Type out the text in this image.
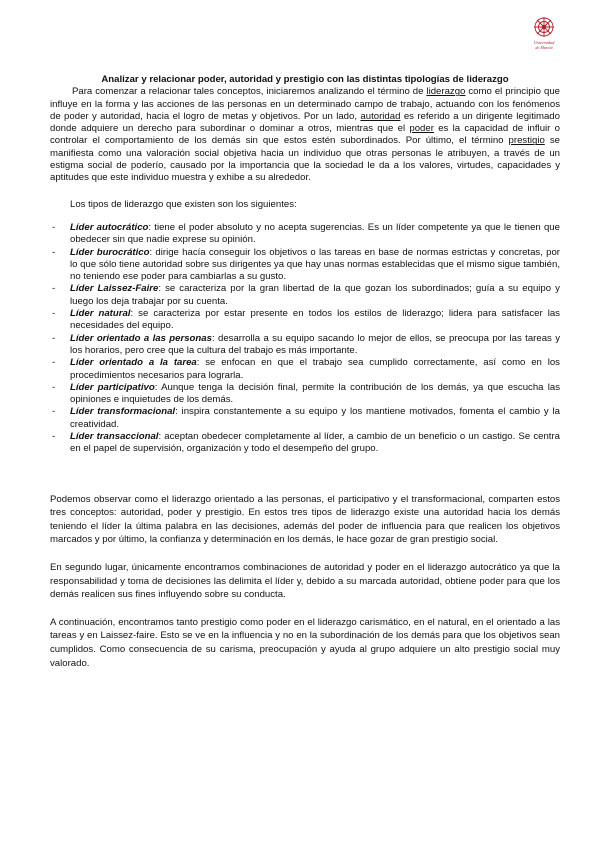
Universidad
de Murcia

Analizar y relacionar poder, autoridad y prestigio con las distintas tipologías de liderazgo

Para comenzar a relacionar tales conceptos, iniciaremos analizando el término de liderazgo como el principio que influye en la forma y las acciones de las personas en un determinado campo de trabajo, actuando con los fenómenos de poder y autoridad, hacia el logro de metas y objetivos. Por un lado, autoridad es referido a un dirigente legitimado donde adquiere un derecho para subordinar o dominar a otros, mientras que el poder es la capacidad de influir o controlar el comportamiento de los demás sin que estos estén subordinados. Por último, el término prestigio se manifiesta como una valoración social objetiva hacia un individuo que otras personas le atribuyen, a través de un estigma social de poderío, causado por la importancia que la sociedad le da a los valores, virtudes, capacidades y aptitudes que este individuo muestra y exhibe a su alrededor.

Los tipos de liderazgo que existen son los siguientes:

- Líder autocrático: tiene el poder absoluto y no acepta sugerencias. Es un líder competente ya que le tienen que obedecer sin que nadie exprese su opinión.
- Líder burocrático: dirige hacía conseguir los objetivos o las tareas en base de normas estrictas y concretas, por lo que sólo tiene autoridad sobre sus dirigentes ya que hay unas normas establecidas que el mismo sigue también, no teniendo ese poder para cambiarlas a su gusto.
- Líder Laissez-Faire: se caracteriza por la gran libertad de la que gozan los subordinados; guía a su equipo y luego los deja trabajar por su cuenta.
- Líder natural: se caracteriza por estar presente en todos los estilos de liderazgo; lidera para satisfacer las necesidades del equipo.
- Líder orientado a las personas: desarrolla a su equipo sacando lo mejor de ellos, se preocupa por las tareas y los horarios, pero cree que la cultura del trabajo es más importante.
- Líder orientado a la tarea: se enfocan en que el trabajo sea cumplido correctamente, así como en los procedimientos necesarios para lograrla.
- Líder participativo: Aunque tenga la decisión final, permite la contribución de los demás, ya que escucha las opiniones e inquietudes de los demás.
- Líder transformacional: inspira constantemente a su equipo y los mantiene motivados, fomenta el cambio y la creatividad.
- Líder transaccional: aceptan obedecer completamente al líder, a cambio de un beneficio o un castigo. Se centra en el papel de supervisión, organización y todo el desempeño del grupo.

Podemos observar como el liderazgo orientado a las personas, el participativo y el transformacional, comparten estos tres conceptos: autoridad, poder y prestigio. En estos tres tipos de liderazgo existe una autoridad hacia los demás teniendo el líder la última palabra en las decisiones, además del poder de influencia para que realicen los objetivos marcados y por último, la confianza y determinación en los demás, le hace gozar de gran prestigio social.

En segundo lugar, únicamente encontramos combinaciones de autoridad y poder en el liderazgo autocrático ya que la responsabilidad y toma de decisiones las delimita el líder y, debido a su marcada autoridad, obtiene poder para que los demás realicen sus fines influyendo sobre su conducta.

A continuación, encontramos tanto prestigio como poder en el liderazgo carismático, en el natural, en el orientado a las tareas y en Laissez-faire. Esto se ve en la influencia y no en la subordinación de los demás para que los objetivos sean cumplidos. Como consecuencia de su carisma, preocupación y ayuda al grupo adquiere un alto prestigio social muy valorado.
